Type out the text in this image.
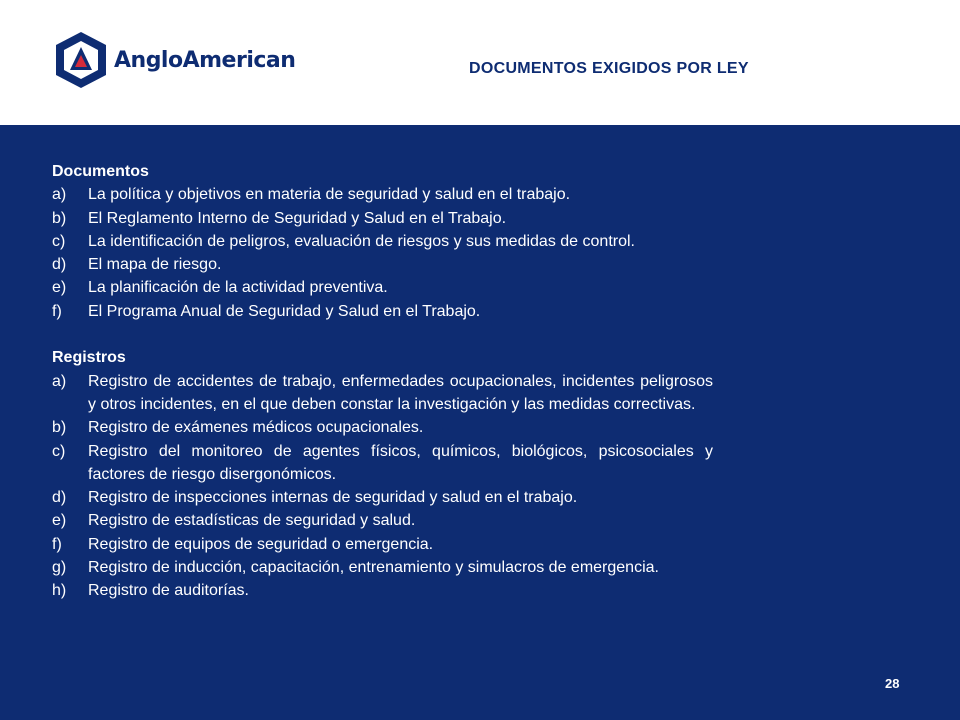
AngloAmerican	DOCUMENTOS EXIGIDOS POR LEY
Documentos
a) La política y objetivos en materia de seguridad y salud en el trabajo.
b) El Reglamento Interno de Seguridad y Salud en el Trabajo.
c) La identificación de peligros, evaluación de riesgos y sus medidas de control.
d) El mapa de riesgo.
e) La planificación de la actividad preventiva.
f) El Programa Anual de Seguridad y Salud en el Trabajo.
Registros
a) Registro de accidentes de trabajo, enfermedades ocupacionales, incidentes peligrosos y otros incidentes, en el que deben constar la investigación y las medidas correctivas.
b) Registro de exámenes médicos ocupacionales.
c) Registro del monitoreo de agentes físicos, químicos, biológicos, psicosociales y factores de riesgo disergonómicos.
d) Registro de inspecciones internas de seguridad y salud en el trabajo.
e) Registro de estadísticas de seguridad y salud.
f) Registro de equipos de seguridad o emergencia.
g) Registro de inducción, capacitación, entrenamiento y simulacros de emergencia.
h) Registro de auditorías.
28
